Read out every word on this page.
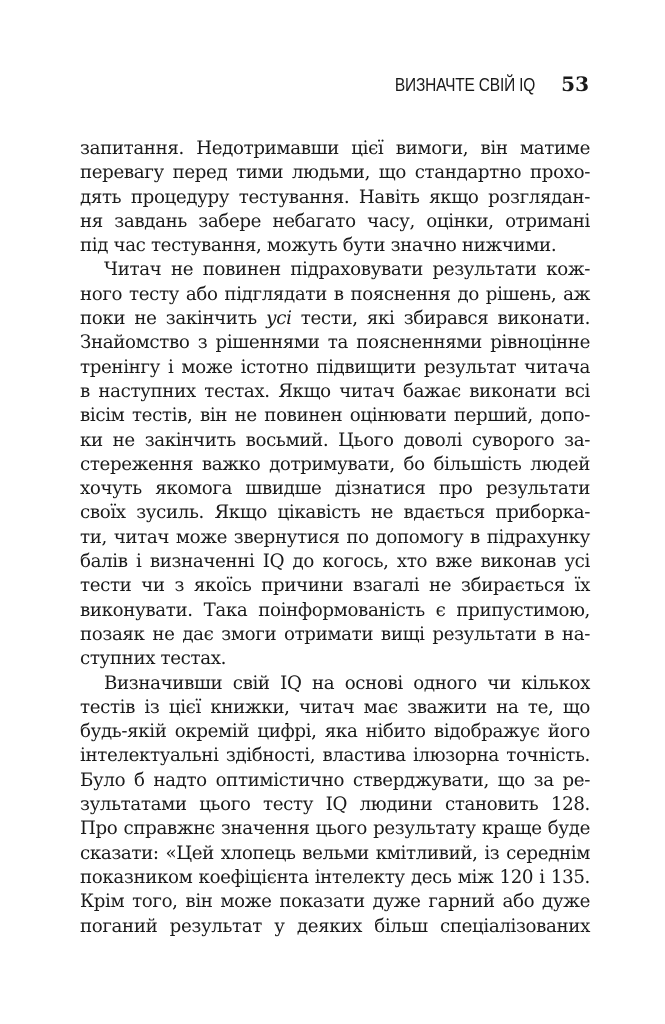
ВИЗНАЧТЕ СВІЙ IQ 53
запитання. Недотримавши цієї вимоги, він матиме
перевагу перед тими людьми, що стандартно прохо-
дять процедуру тестування. Навіть якщо розглядан-
ня завдань забере небагато часу, оцінки, отримані
під час тестування, можуть бути значно нижчими.
Читач не повинен підраховувати результати кож-
ного тесту або підглядати в пояснення до рішень, аж
поки не закінчить усі тести, які збирався виконати.
Знайомство з рішеннями та поясненнями рівноцінне
тренінгу і може істотно підвищити результат читача
в наступних тестах. Якщо читач бажає виконати всі
вісім тестів, він не повинен оцінювати перший, допо-
ки не закінчить восьмий. Цього доволі суворого за-
стереження важко дотримувати, бо більшість людей
хочуть якомога швидше дізнатися про результати
своїх зусиль. Якщо цікавість не вдається приборка-
ти, читач може звернутися по допомогу в підрахунку
балів і визначенні IQ до когось, хто вже виконав усі
тести чи з якоїсь причини взагалі не збирається їх
виконувати. Така поінформованість є припустимою,
позаяк не дає змоги отримати вищі результати в на-
ступних тестах.
Визначивши свій IQ на основі одного чи кількох
тестів із цієї книжки, читач має зважити на те, що
будь-якій окремій цифрі, яка нібито відображує його
інтелектуальні здібності, властива ілюзорна точність.
Було б надто оптимістично стверджувати, що за ре-
зультатами цього тесту IQ людини становить 128.
Про справжнє значення цього результату краще буде
сказати: «Цей хлопець вельми кмітливий, із середнім
показником коефіцієнта інтелекту десь між 120 і 135.
Крім того, він може показати дуже гарний або дуже
поганий результат у деяких більш спеціалізованих
